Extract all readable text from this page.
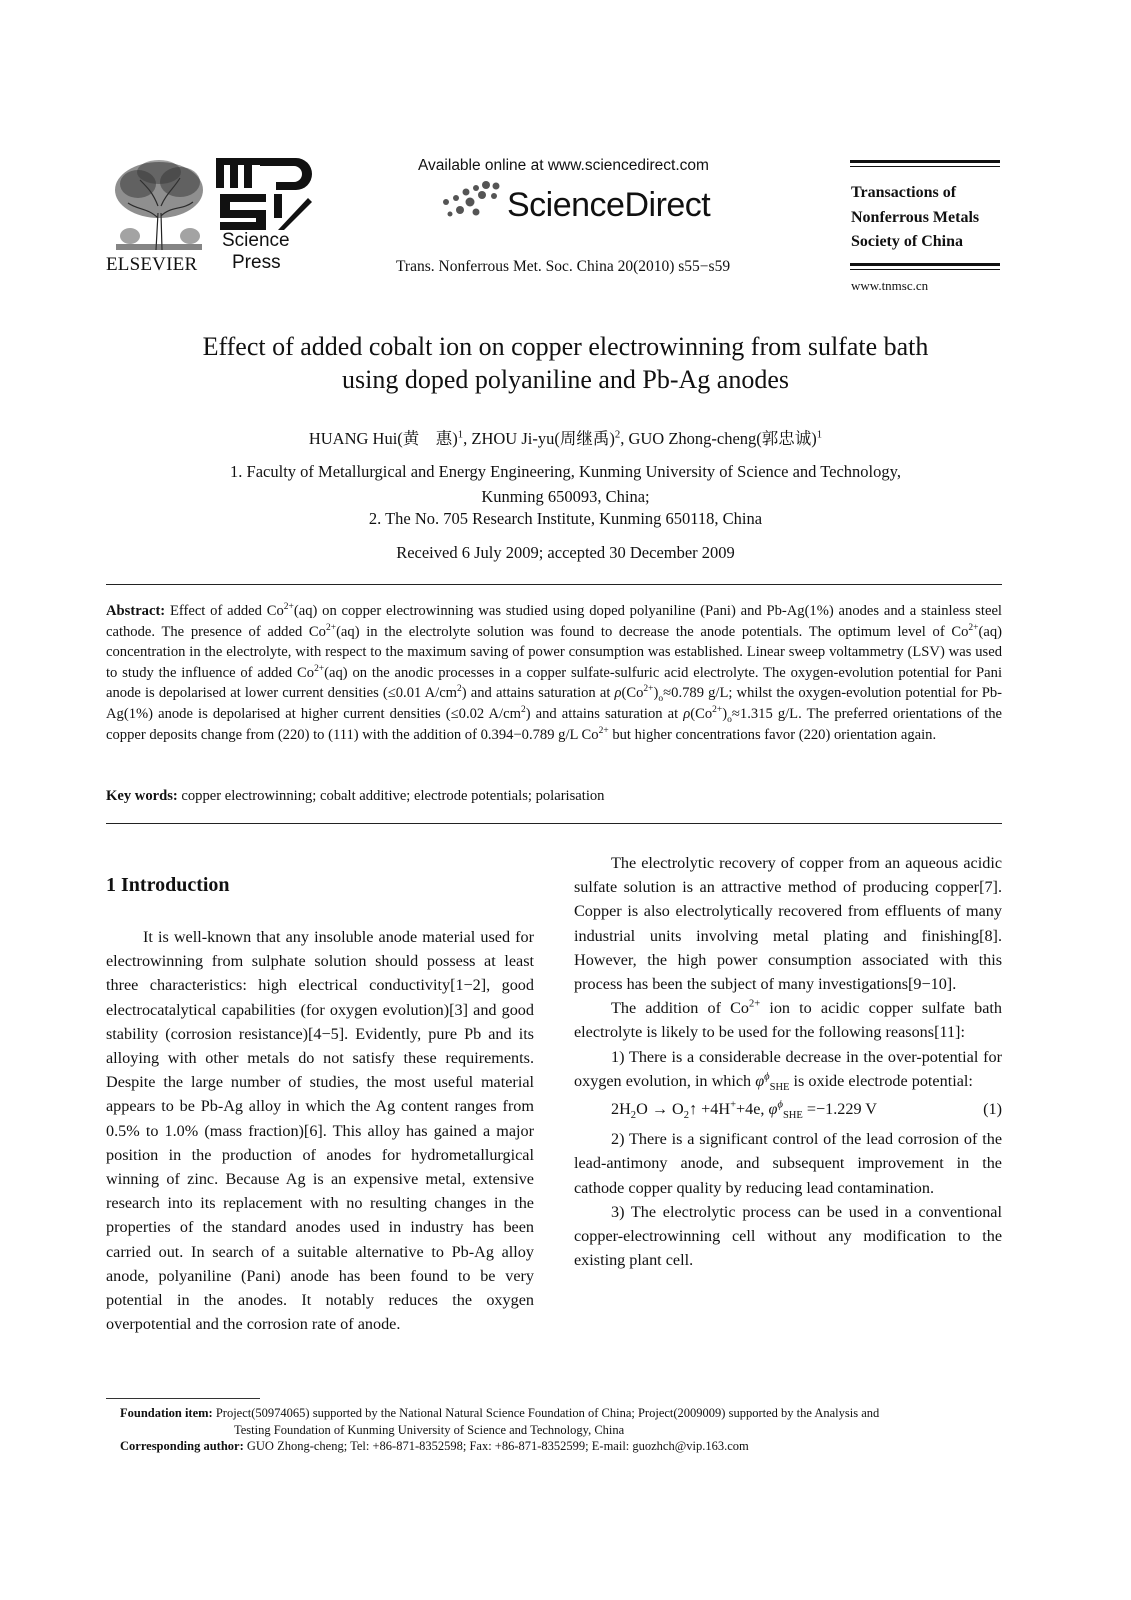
ELSEVIER
Science
Press
Available online at www.sciencedirect.com
ScienceDirect
Trans. Nonferrous Met. Soc. China 20(2010) s55−s59
Transactions of
Nonferrous Metals
Society of China
www.tnmsc.cn
Effect of added cobalt ion on copper electrowinning from sulfate bath
using doped polyaniline and Pb-Ag anodes
HUANG Hui(黄　惠)$^1$, ZHOU Ji-yu(周继禹)$^2$, GUO Zhong-cheng(郭忠诚)$^1$
1. Faculty of Metallurgical and Energy Engineering, Kunming University of Science and Technology,
Kunming 650093, China;
2. The No. 705 Research Institute, Kunming 650118, China
Received 6 July 2009; accepted 30 December 2009
Abstract: Effect of added $Co^{2+}(aq)$ on copper electrowinning was studied using doped polyaniline (Pani) and Pb-Ag(1%) anodes and a stainless steel cathode. The presence of added $Co^{2+}(aq)$ in the electrolyte solution was found to decrease the anode potentials. The optimum level of $Co^{2+}(aq)$ concentration in the electrolyte, with respect to the maximum saving of power consumption was established. Linear sweep voltammetry (LSV) was used to study the influence of added $Co^{2+}(aq)$ on the anodic processes in a copper sulfate-sulfuric acid electrolyte. The oxygen-evolution potential for Pani anode is depolarised at lower current densities (≤0.01 $A/cm^2$) and attains saturation at $\rho(Co^{2+})_o\approx 0.789$ g/L; whilst the oxygen-evolution potential for Pb-Ag(1%) anode is depolarised at higher current densities (≤0.02 $A/cm^2$) and attains saturation at $\rho(Co^{2+})_o\approx 1.315$ g/L. The preferred orientations of the copper deposits change from (220) to (111) with the addition of 0.394−0.789 g/L $Co^{2+}$ but higher concentrations favor (220) orientation again.
Key words: copper electrowinning; cobalt additive; electrode potentials; polarisation
1 Introduction

It is well-known that any insoluble anode material used for electrowinning from sulphate solution should possess at least three characteristics: high electrical conductivity[1−2], good electrocatalytical capabilities (for oxygen evolution)[3] and good stability (corrosion resistance)[4−5]. Evidently, pure Pb and its alloying with other metals do not satisfy these requirements. Despite the large number of studies, the most useful material appears to be Pb-Ag alloy in which the Ag content ranges from 0.5% to 1.0% (mass fraction)[6]. This alloy has gained a major position in the production of anodes for hydrometallurgical winning of zinc. Because Ag is an expensive metal, extensive research into its replacement with no resulting changes in the properties of the standard anodes used in industry has been carried out. In search of a suitable alternative to Pb-Ag alloy anode, polyaniline (Pani) anode has been found to be very potential in the anodes. It notably reduces the oxygen overpotential and the corrosion rate of anode.

The electrolytic recovery of copper from an aqueous acidic sulfate solution is an attractive method of producing copper[7]. Copper is also electrolytically recovered from effluents of many industrial units involving metal plating and finishing[8]. However, the high power consumption associated with this process has been the subject of many investigations[9−10].

The addition of $Co^{2+}$ ion to acidic copper sulfate bath electrolyte is likely to be used for the following reasons[11]:

1) There is a considerable decrease in the over-potential for oxygen evolution, in which $\varphi^\phi_{SHE}$ is oxide electrode potential:

$2H_2O$ → $O_2↑ +4H^++4e$, $\varphi^\phi_{SHE} =-1.229$ V	(1)

2) There is a significant control of the lead corrosion of the lead-antimony anode, and subsequent improvement in the cathode copper quality by reducing lead contamination.

3) The electrolytic process can be used in a conventional copper-electrowinning cell without any modification to the existing plant cell.

Foundation item: Project(50974065) supported by the National Natural Science Foundation of China; Project(2009009) supported by the Analysis and
Testing Foundation of Kunming University of Science and Technology, China
Corresponding author: GUO Zhong-cheng; Tel: +86-871-8352598; Fax: +86-871-8352599; E-mail: guozhch@vip.163.com
